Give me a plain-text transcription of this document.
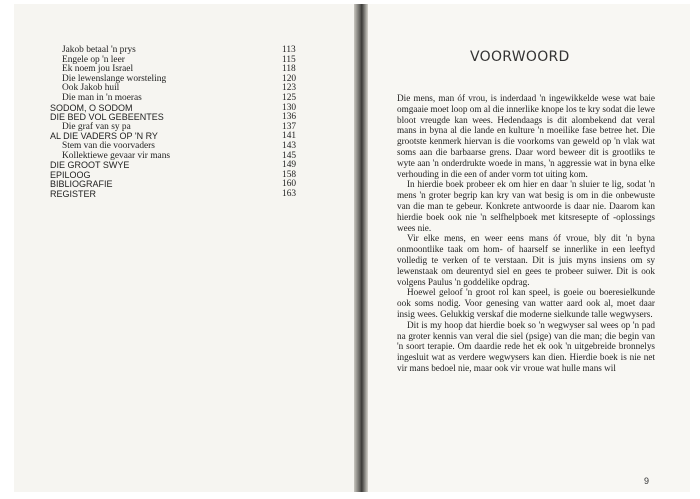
Jakob betaal 'n prys	113
Engele op 'n leer	115
Ek noem jou Israel	118
Die lewenslange worsteling	120
Ook Jakob huil	123
Die man in 'n moeras	125
SODOM, O SODOM	130
DIE BED VOL GEBEENTES	136
Die graf van sy pa	137
AL DIE VADERS OP 'N RY	141
Stem van die voorvaders	143
Kollektiewe gevaar vir mans	145
DIE GROOT SWYE	149
EPILOOG	158
BIBLIOGRAFIE	160
REGISTER	163
VOORWOORD

Die mens, man óf vrou, is inderdaad 'n ingewikkelde wese wat baie omgaaie moet loop om al die innerlike knope los te kry sodat die lewe bloot vreugde kan wees. Hedendaags is dit alombekend dat veral mans in byna al die lande en kulture 'n moeilike fase betree het. Die grootste kenmerk hiervan is die voorkoms van geweld op 'n vlak wat soms aan die barbaarse grens. Daar word beweer dit is grootliks te wyte aan 'n onderdrukte woede in mans, 'n aggressie wat in byna elke verhouding in die een of ander vorm tot uiting kom.

In hierdie boek probeer ek om hier en daar 'n sluier te lig, sodat 'n mens 'n groter begrip kan kry van wat besig is om in die onbewuste van die man te gebeur. Konkrete antwoorde is daar nie. Daarom kan hierdie boek ook nie 'n selfhelpboek met kitsresepte of -oplossings wees nie.

Vir elke mens, en weer eens mans óf vroue, bly dit 'n byna onmoontlike taak om hom- of haarself se innerlike in een leeftyd volledig te verken of te verstaan. Dit is juis myns insiens om sy lewenstaak om deurentyd siel en gees te probeer suiwer. Dit is ook volgens Paulus 'n goddelike opdrag.

Hoewel geloof 'n groot rol kan speel, is goeie ou boeresielkunde ook soms nodig. Voor genesing van watter aard ook al, moet daar insig wees. Gelukkig verskaf die moderne sielkunde talle wegwysers.

Dit is my hoop dat hierdie boek so 'n wegwyser sal wees op 'n pad na groter kennis van veral die siel (psige) van die man; die begin van 'n soort terapie. Om daardie rede het ek ook 'n uitgebreide bronnelys ingesluit wat as verdere wegwysers kan dien. Hierdie boek is nie net vir mans bedoel nie, maar ook vir vroue wat hulle mans wil

9
